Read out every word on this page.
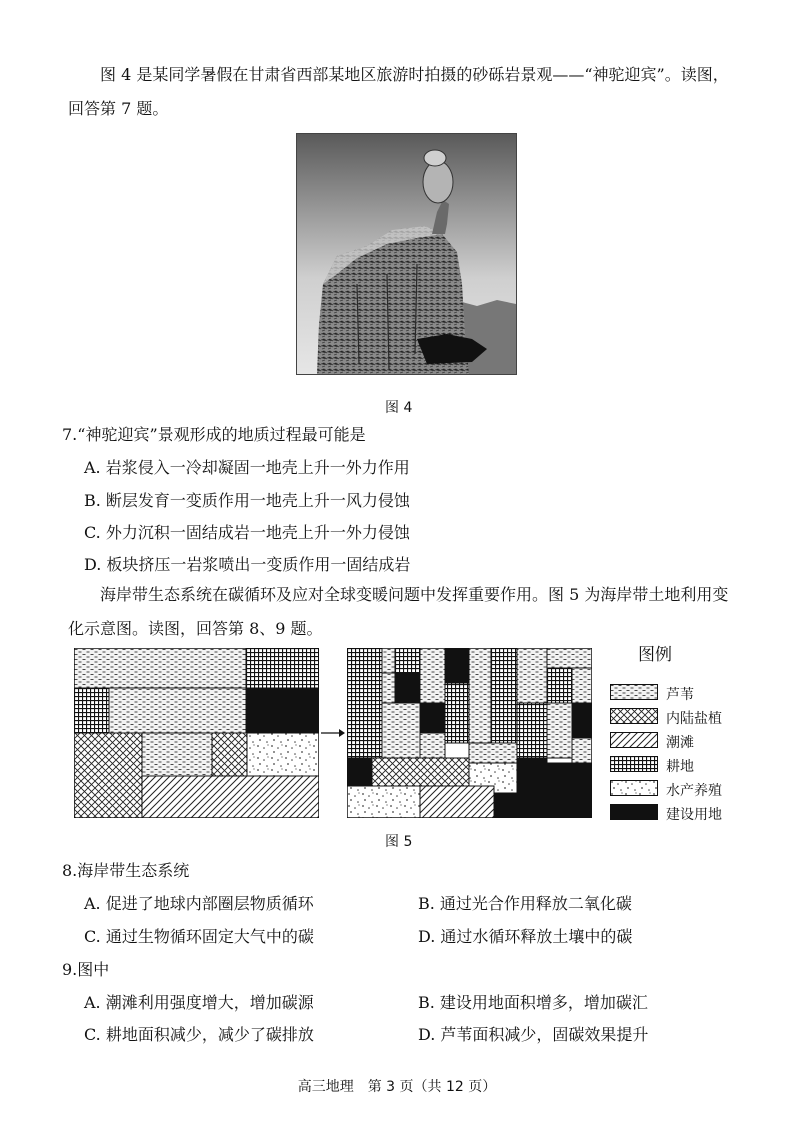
图 4 是某同学暑假在甘肃省西部某地区旅游时拍摄的砂砾岩景观——“神驼迎宾”。读图，回答第 7 题。
图 4
7.“神驼迎宾”景观形成的地质过程最可能是
A. 岩浆侵入一冷却凝固一地壳上升一外力作用
B. 断层发育一变质作用一地壳上升一风力侵蚀
C. 外力沉积一固结成岩一地壳上升一外力侵蚀
D. 板块挤压一岩浆喷出一变质作用一固结成岩
海岸带生态系统在碳循环及应对全球变暖问题中发挥重要作用。图 5 为海岸带土地利用变化示意图。读图，回答第 8、9 题。
图例
芦苇
内陆盐植
潮滩
耕地
水产养殖
建设用地
图 5
8.海岸带生态系统
A. 促进了地球内部圈层物质循环	B. 通过光合作用释放二氧化碳
C. 通过生物循环固定大气中的碳	D. 通过水循环释放土壤中的碳
9.图中
A. 潮滩利用强度增大，增加碳源	B. 建设用地面积增多，增加碳汇
C. 耕地面积减少，减少了碳排放	D. 芦苇面积减少，固碳效果提升
高三地理　第 3 页（共 12 页）
